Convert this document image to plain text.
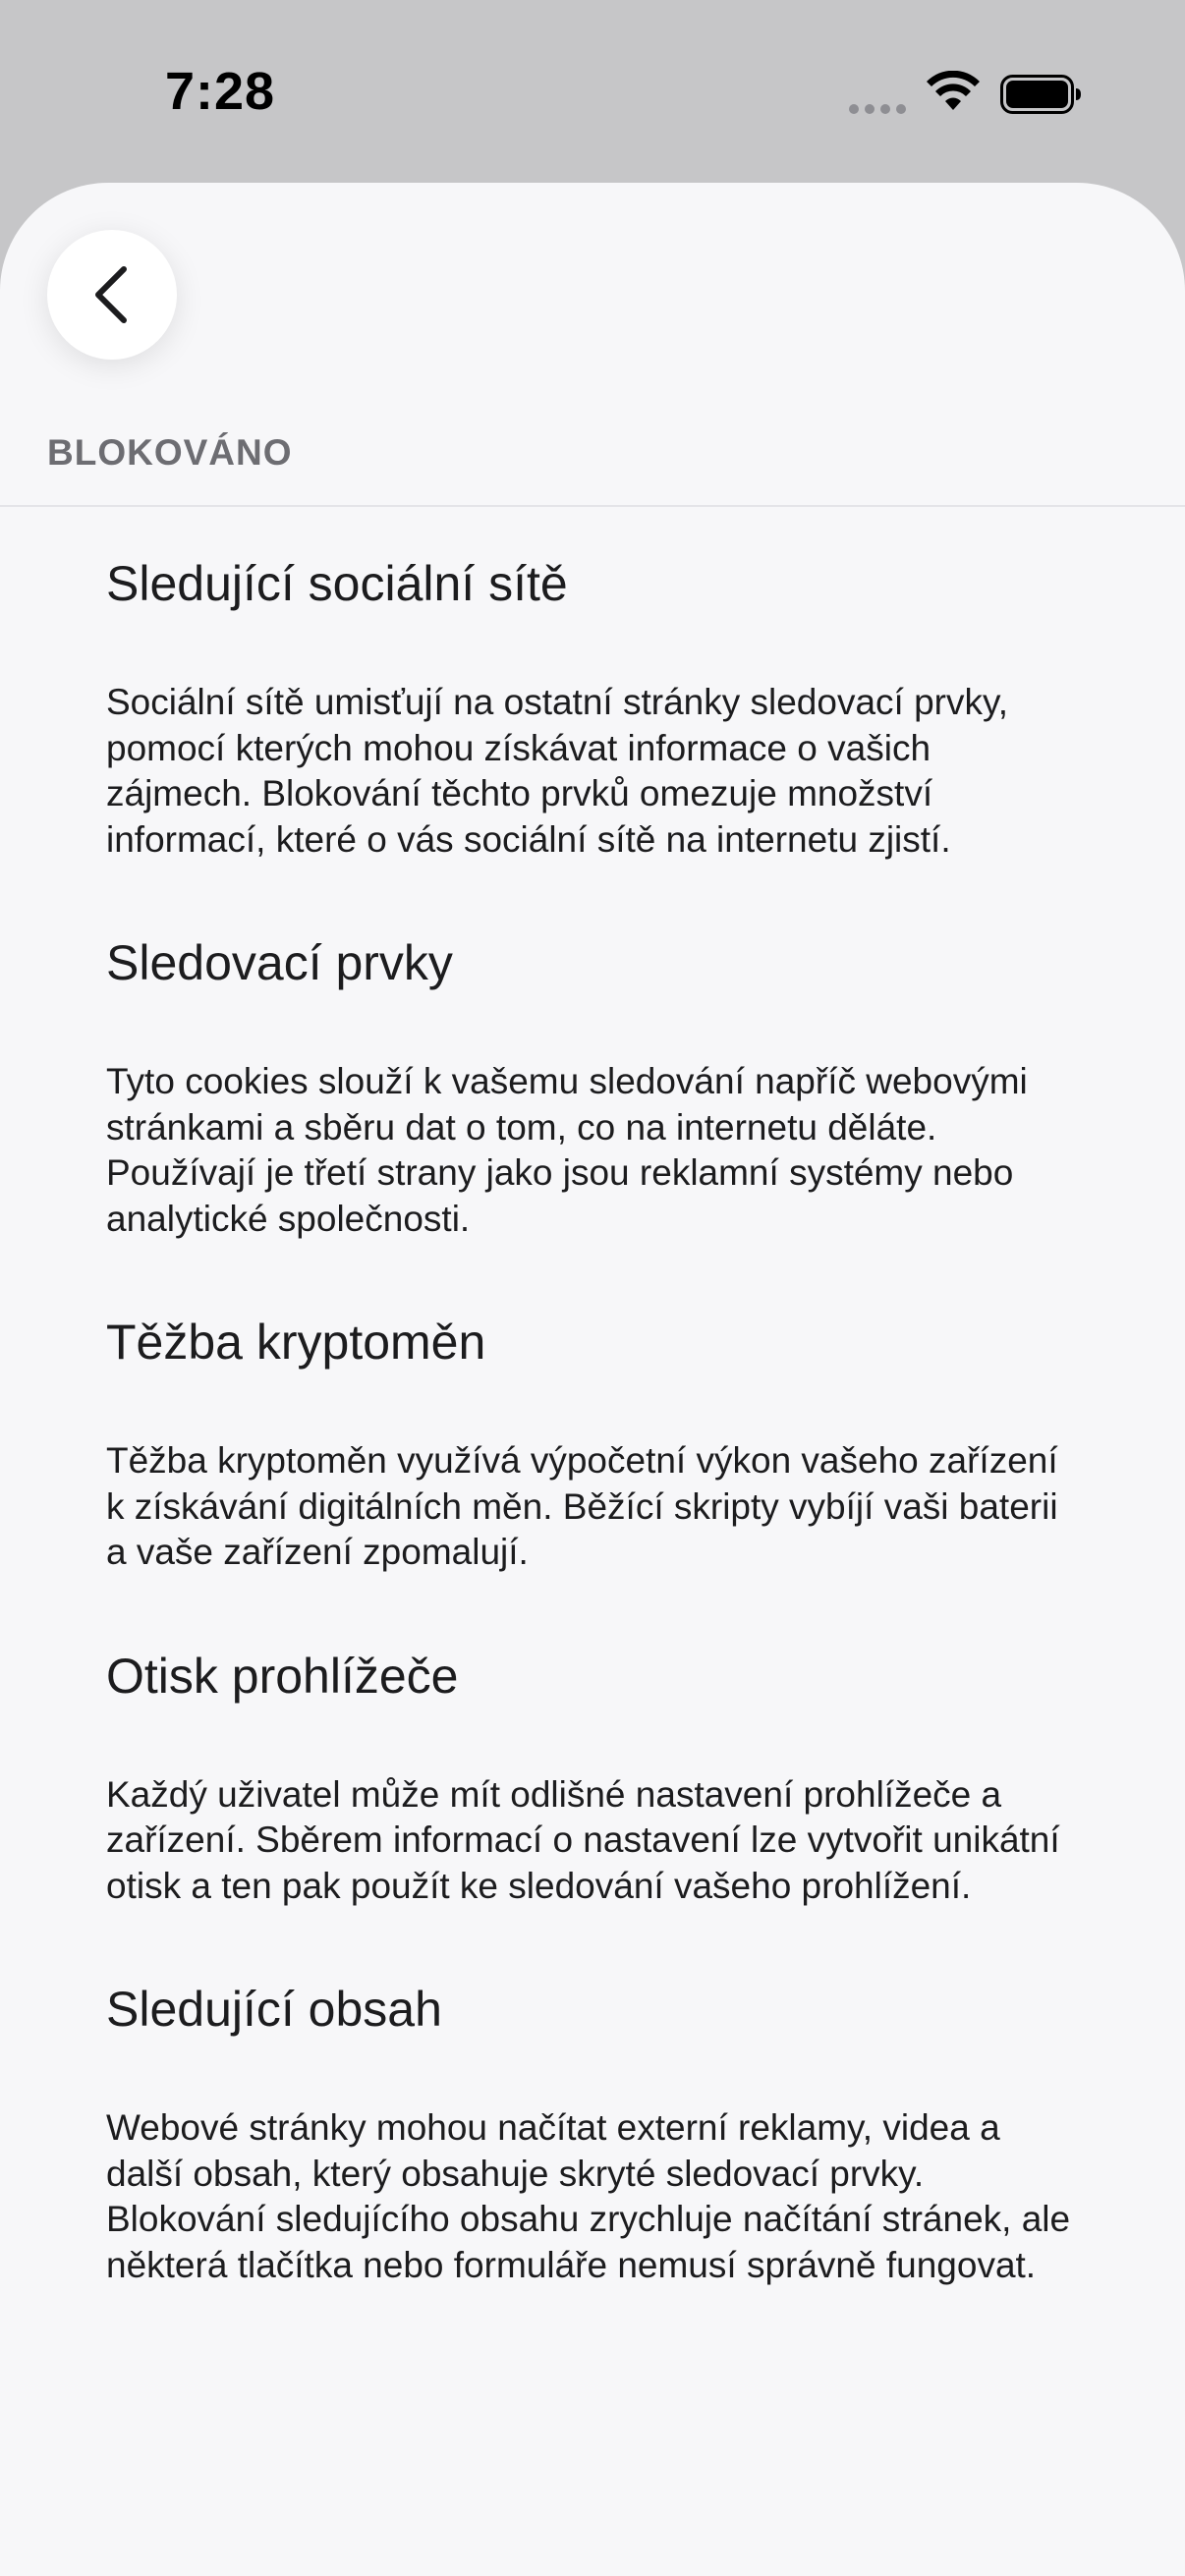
7:28
BLOKOVÁNO
Sledující sociální sítě

Sociální sítě umisťují na ostatní stránky sledovací prvky, pomocí kterých mohou získávat informace o vašich zájmech. Blokování těchto prvků omezuje množství informací, které o vás sociální sítě na internetu zjistí.

Sledovací prvky

Tyto cookies slouží k vašemu sledování napříč webovými stránkami a sběru dat o tom, co na internetu děláte. Používají je třetí strany jako jsou reklamní systémy nebo analytické společnosti.

Těžba kryptoměn

Těžba kryptoměn využívá výpočetní výkon vašeho zařízení k získávání digitálních měn. Běžící skripty vybíjí vaši baterii a vaše zařízení zpomalují.

Otisk prohlížeče

Každý uživatel může mít odlišné nastavení prohlížeče a zařízení. Sběrem informací o nastavení lze vytvořit unikátní otisk a ten pak použít ke sledování vašeho prohlížení.

Sledující obsah

Webové stránky mohou načítat externí reklamy, videa a další obsah, který obsahuje skryté sledovací prvky. Blokování sledujícího obsahu zrychluje načítání stránek, ale některá tlačítka nebo formuláře nemusí správně fungovat.
